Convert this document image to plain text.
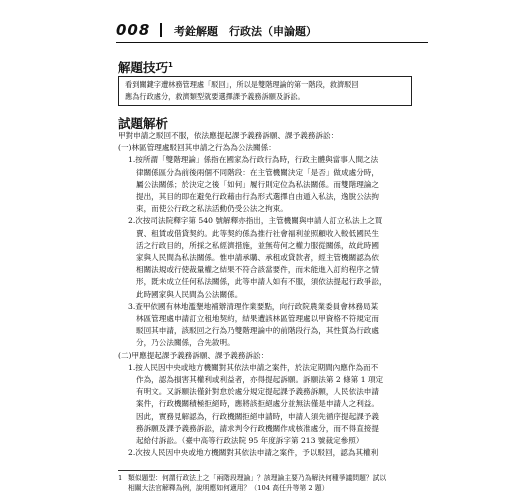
008 考銓解題　行政法（申論題）
解題技巧$^1$
看到關鍵字遭林務管理處「駁回」，所以是雙階理論的第一階段，救濟駁回
應為行政處分，救濟類型就要選擇課予義務訴願及訴訟。
試題解析
甲對申請之駁回不服，依法應提起課予義務訴願、課予義務訴訟：
(一)林區管理處駁回其申請之行為為公法關係：
1.按所謂「雙階理論」係指在國家為行政行為時，行政主體與當事人間之法
律關係區分為前後兩個不同階段：在主管機關決定「是否」做成處分時，
屬公法關係；於決定之後「如何」履行則定位為私法關係。而雙階理論之
提出，其目的即在避免行政藉由行為形式選擇自由遁入私法，逸脫公法拘
束，而使公行政之私法活動仍受公法之拘束。
2.次按司法院釋字第 540 號解釋亦指出，主管機關與申請人訂立私法上之買
賣、租賃或借貸契約。此等契約係為推行社會福利並照顧收入較低國民生
活之行政目的，所採之私經濟措施，並無苟何之權力服從關係，故此時國
家與人民間為私法關係。惟申請承購、承租或貸款者，經主管機關認為依
相關法規或行使裁量權之結果不符合該當要件，而未能進入訂約程序之情
形，既未成立任何私法關係，此等申請人如有不服，須依法提起行政爭訟，
此時國家與人民間為公法關係。
3.查甲依國有林地濫墾地補辦清理作業要點，向行政院農業委員會林務局某
林區管理處申請訂立租地契約，結果遭該林區管理處以甲資格不符規定而
駁回其申請，該駁回之行為乃雙階理論中的前階段行為，其性質為行政處
分，乃公法關係，合先敘明。
(二)甲應提起課予義務訴願、課予義務訴訟：
1.按人民因中央或地方機關對其依法申請之案件，於法定期間內應作為而不
作為，認為損害其權利或利益者，亦得提起訴願。訴願法第 2 條第 1 項定
有明文。又訴願法僅針對怠於處分規定提起課予義務訴願，人民依法申請
案件，行政機關積極拒絕時，應將該拒絕處分並無法僅是申請人之利益。
因此，實務見解認為，行政機關拒絕申請時，申請人須先循序提起課予義
務訴願及課予義務訴訟，請求判令行政機關作成核准處分，而不得直接提
起給付訴訟。（臺中高等行政法院 95 年度訴字第 213 號裁定參照）
2.次按人民因中央或地方機關對其依法申請之案件，予以駁回，認為其權利
1 類似題型：何謂行政法上之「兩階段理論」？該理論主要乃為解決何種爭議問題？試以
相關大法官解釋為例，說明應如何適用？（104 高任升等第 2 題）
